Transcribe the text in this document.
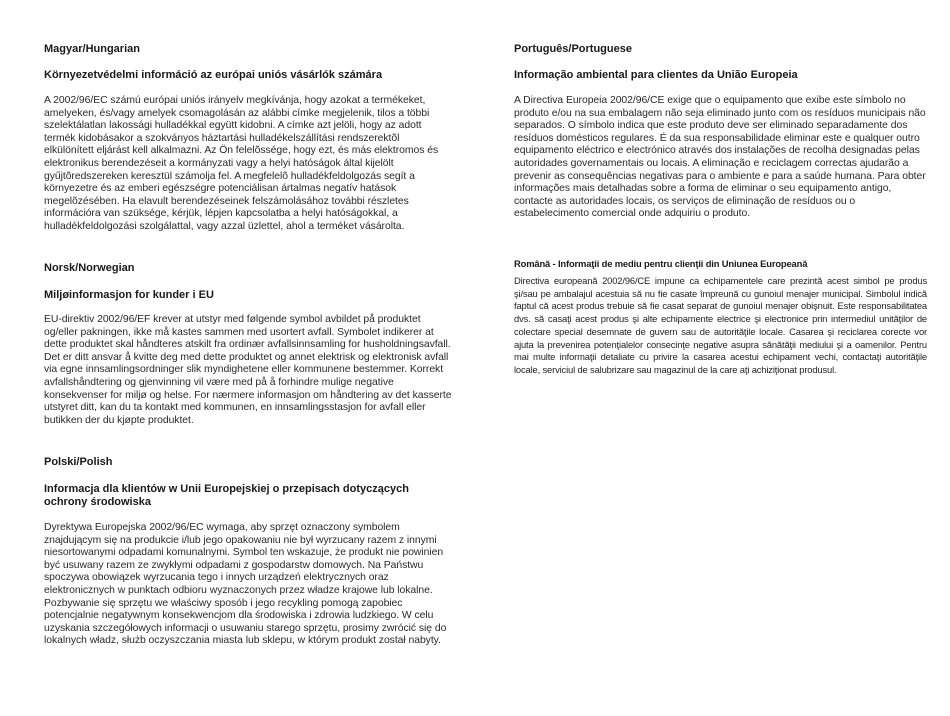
Magyar/Hungarian
Környezetvédelmi információ az európai uniós vásárlók számára
A 2002/96/EC számú európai uniós irányelv megkívánja, hogy azokat a termékeket, amelyeken, és/vagy amelyek csomagolásán az alábbi címke megjelenik, tilos a többi szelektálatlan lakossági hulladékkal együtt kidobni. A címke azt jelöli, hogy az adott termék kidobásakor a szokványos háztartási hulladékelszállítási rendszerektõl elkülönített eljárást kell alkalmazni. Az Ön felelõssége, hogy ezt, és más elektromos és elektronikus berendezéseit a kormányzati vagy a helyi hatóságok által kijelölt gyűjtõredszereken keresztül számolja fel. A megfelelõ hulladékfeldolgozás segít a környezetre és az emberi egészségre potenciálisan ártalmas negatív hatások megelõzésében. Ha elavult berendezéseinek felszámolásához további részletes információra van szüksége, kérjük, lépjen kapcsolatba a helyi hatóságokkal, a hulladékfeldolgozási szolgálattal, vagy azzal üzlettel, ahol a terméket vásárolta.
Norsk/Norwegian
Miljøinformasjon for kunder i EU
EU-direktiv 2002/96/EF krever at utstyr med følgende symbol avbildet på produktet og/eller pakningen, ikke må kastes sammen med usortert avfall. Symbolet indikerer at dette produktet skal håndteres atskilt fra ordinær avfallsinnsamling for husholdningsavfall. Det er ditt ansvar å kvitte deg med dette produktet og annet elektrisk og elektronisk avfall via egne innsamlingsordninger slik myndighetene eller kommunene bestemmer. Korrekt avfallshåndtering og gjenvinning vil være med på å forhindre mulige negative konsekvenser for miljø og helse. For nærmere informasjon om håndtering av det kasserte utstyret ditt, kan du ta kontakt med kommunen, en innsamlingsstasjon for avfall eller butikken der du kjøpte produktet.
Polski/Polish
Informacja dla klientów w Unii Europejskiej o przepisach dotyczących ochrony środowiska
Dyrektywa Europejska 2002/96/EC wymaga, aby sprzęt oznaczony symbolem znajdującym się na produkcie i/lub jego opakowaniu nie był wyrzucany razem z innymi niesortowanymi odpadami komunalnymi. Symbol ten wskazuje, że produkt nie powinien być usuwany razem ze zwykłymi odpadami z gospodarstw domowych. Na Państwu spoczywa obowiązek wyrzucania tego i innych urządzeń elektrycznych oraz elektronicznych w punktach odbioru wyznaczonych przez władze krajowe lub lokalne. Pozbywanie się sprzętu we właściwy sposób i jego recykling pomogą zapobiec potencjalnie negatywnym konsekwencjom dla środowiska i zdrowia ludzkiego. W celu uzyskania szczegółowych informacji o usuwaniu starego sprzętu, prosimy zwrócić się do lokalnych władz, służb oczyszczania miasta lub sklepu, w którym produkt został nabyty.
Português/Portuguese
Informação ambiental para clientes da União Europeia
A Directiva Europeia 2002/96/CE exige que o equipamento que exibe este símbolo no produto e/ou na sua embalagem não seja eliminado junto com os resíduos municipais não separados. O símbolo indica que este produto deve ser eliminado separadamente dos resíduos domésticos regulares. É da sua responsabilidade eliminar este e qualquer outro equipamento eléctrico e electrónico através dos instalações de recolha designadas pelas autoridades governamentais ou locais. A eliminação e reciclagem correctas ajudarão a prevenir as consequências negativas para o ambiente e para a saúde humana. Para obter informações mais detalhadas sobre a forma de eliminar o seu equipamento antigo, contacte as autoridades locais, os serviços de eliminação de resíduos ou o estabelecimento comercial onde adquiriu o produto.
Română - Informaţii de mediu pentru clienţii din Uniunea Europeană
Directiva europeană 2002/96/CE impune ca echipamentele care prezintă acest simbol pe produs şi/sau pe ambalajul acestuia să nu fie casate împreună cu gunoiul menajer municipal. Simbolul indică faptul că acest produs trebuie să fie casat separat de gunoiul menajer obişnuit. Este responsabilitatea dvs. să casaţi acest produs şi alte echipamente electrice şi electronice prin intermediul unităţilor de colectare special desemnate de guvern sau de autorităţile locale. Casarea şi reciclarea corecte vor ajuta la prevenirea potenţialelor consecinţe negative asupra sănătăţii mediului şi a oamenilor. Pentru mai multe informaţii detaliate cu privire la casarea acestui echipament vechi, contactaţi autorităţile locale, serviciul de salubrizare sau magazinul de la care aţi achiziţionat produsul.
